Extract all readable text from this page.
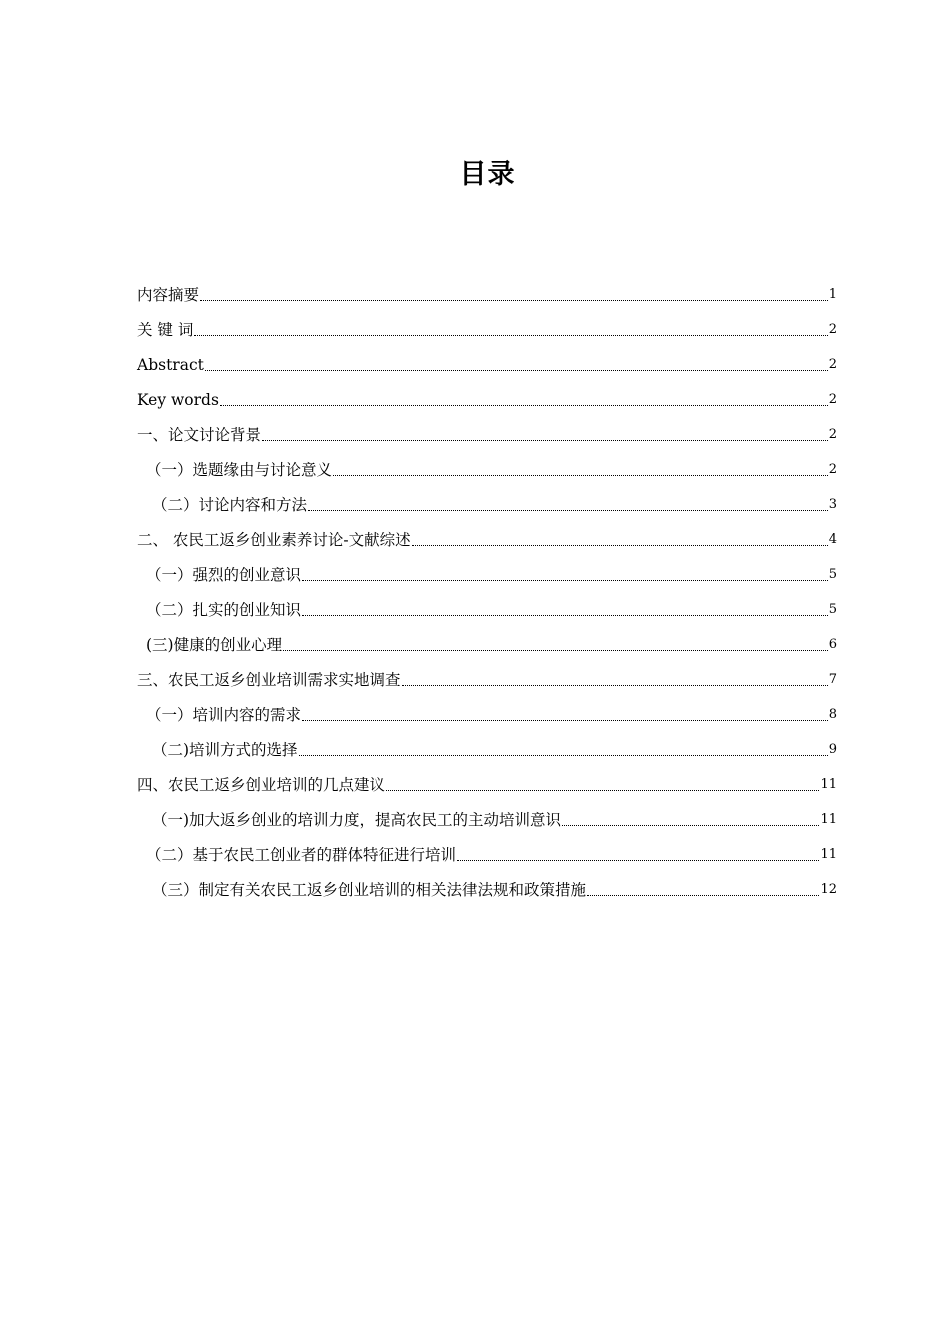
目录
内容摘要	1
关 键 词	2
Abstract	2
Key words	2
一、论文讨论背景	2
（一）选题缘由与讨论意义	2
（二）讨论内容和方法	3
二、 农民工返乡创业素养讨论-文献综述	4
（一）强烈的创业意识	5
（二）扎实的创业知识	5
(三)健康的创业心理	6
三、农民工返乡创业培训需求实地调查	7
（一）培训内容的需求	8
（二)培训方式的选择	9
四、农民工返乡创业培训的几点建议	11
（一)加大返乡创业的培训力度，提高农民工的主动培训意识	11
（二）基于农民工创业者的群体特征进行培训	11
（三）制定有关农民工返乡创业培训的相关法律法规和政策措施	12
